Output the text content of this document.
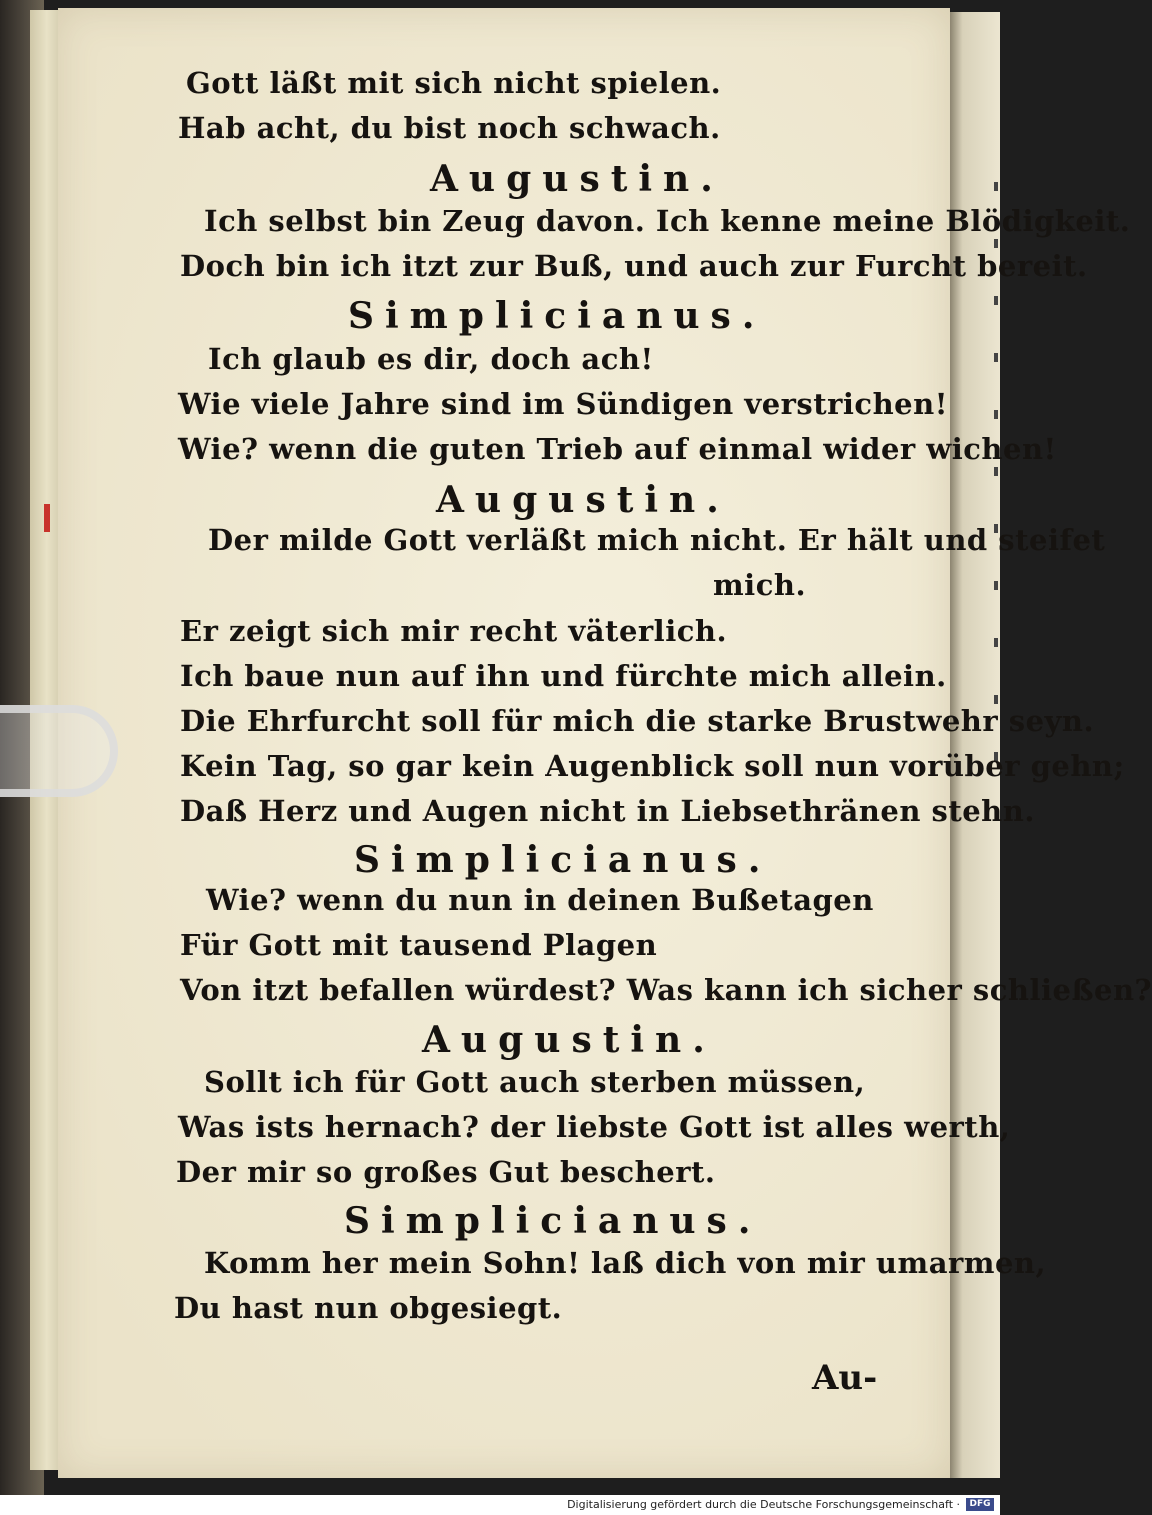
Gott läßt mit sich nicht spielen.
Hab acht, du bist noch schwach.
Augustin.
Ich selbst bin Zeug davon. Ich kenne meine Blödigkeit.
Doch bin ich itzt zur Buß, und auch zur Furcht bereit.
Simplicianus.
Ich glaub es dir, doch ach!
Wie viele Jahre sind im Sündigen verstrichen!
Wie? wenn die guten Trieb auf einmal wider wichen!
Augustin.
Der milde Gott verläßt mich nicht. Er hält und steifet
mich.
Er zeigt sich mir recht väterlich.
Ich baue nun auf ihn und fürchte mich allein.
Die Ehrfurcht soll für mich die starke Brustwehr seyn.
Kein Tag, so gar kein Augenblick soll nun vorüber gehn;
Daß Herz und Augen nicht in Liebsethränen stehn.
Simplicianus.
Wie? wenn du nun in deinen Bußetagen
Für Gott mit tausend Plagen
Von itzt befallen würdest? Was kann ich sicher schließen?
Augustin.
Sollt ich für Gott auch sterben müssen,
Was ists hernach? der liebste Gott ist alles werth,
Der mir so großes Gut beschert.
Simplicianus.
Komm her mein Sohn! laß dich von mir umarmen,
Du hast nun obgesiegt.
Au-
Digitalisierung gefördert durch die Deutsche Forschungsgemeinschaft ·	DFG
